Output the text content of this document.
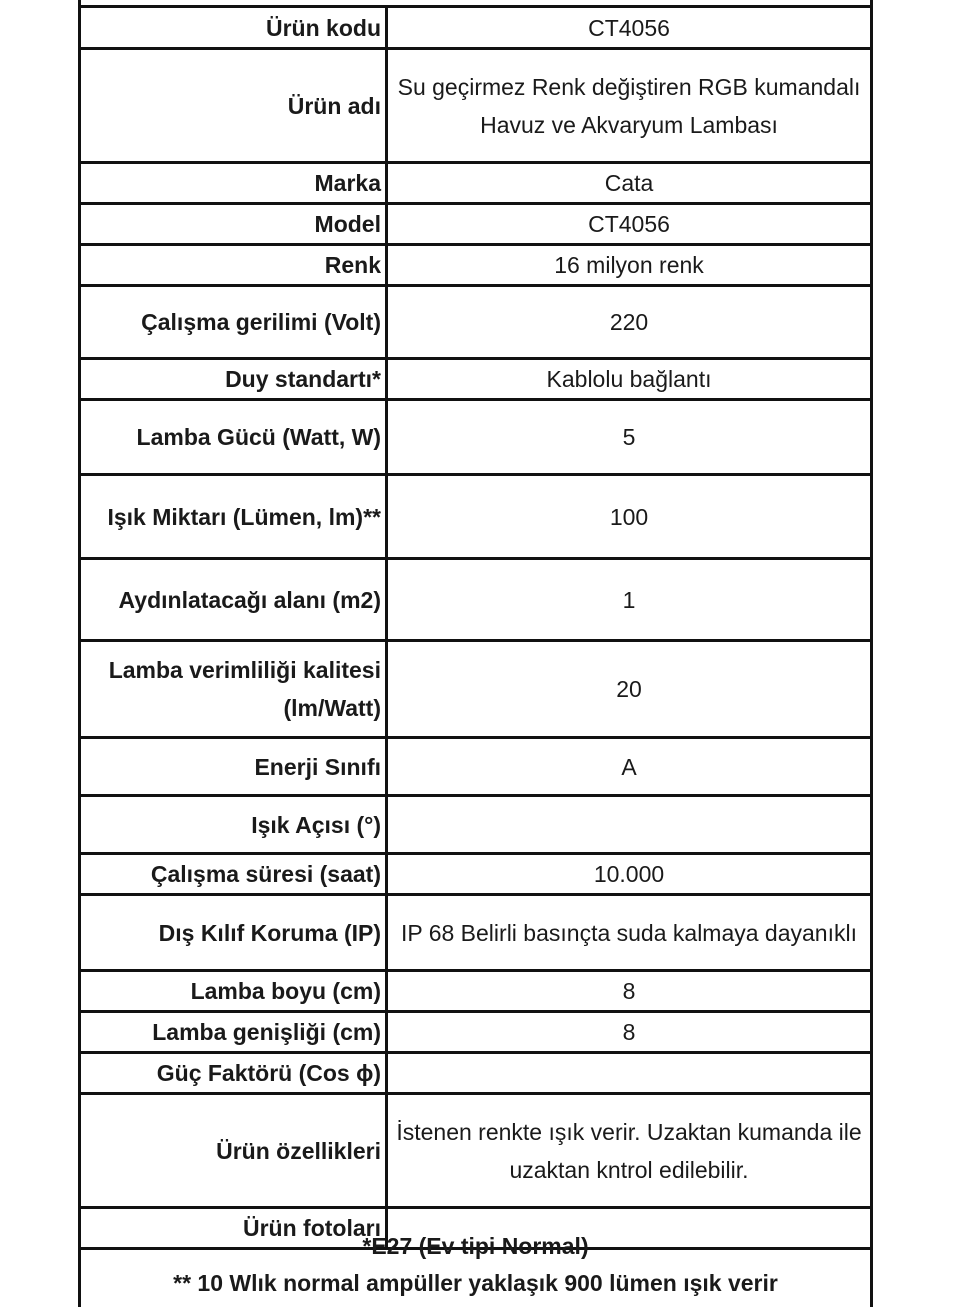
Ürün kodu	CT4056
Ürün adı	Su geçirmez Renk değiştiren RGB kumandalı Havuz ve Akvaryum Lambası
Marka	Cata
Model	CT4056
Renk	16 milyon renk
Çalışma gerilimi (Volt)	220
Duy standartı*	Kablolu bağlantı
Lamba Gücü (Watt, W)	5
Işık Miktarı (Lümen, lm)**	100
Aydınlatacağı alanı (m2)	1
Lamba verimliliği kalitesi (lm/Watt)	20
Enerji Sınıfı	A
Işık Açısı (°)	
Çalışma süresi (saat)	10.000
Dış Kılıf Koruma (IP)	IP 68 Belirli basınçta suda kalmaya dayanıklı
Lamba boyu (cm)	8
Lamba genişliği (cm)	8
Güç Faktörü (Cos ϕ)	
Ürün özellikleri	İstenen renkte ışık verir. Uzaktan kumanda ile uzaktan kntrol edilebilir.
Ürün fotoları	
*E27 (Ev tipi Normal)
** 10 Wlık normal ampüller yaklaşık 900 lümen ışık verir
